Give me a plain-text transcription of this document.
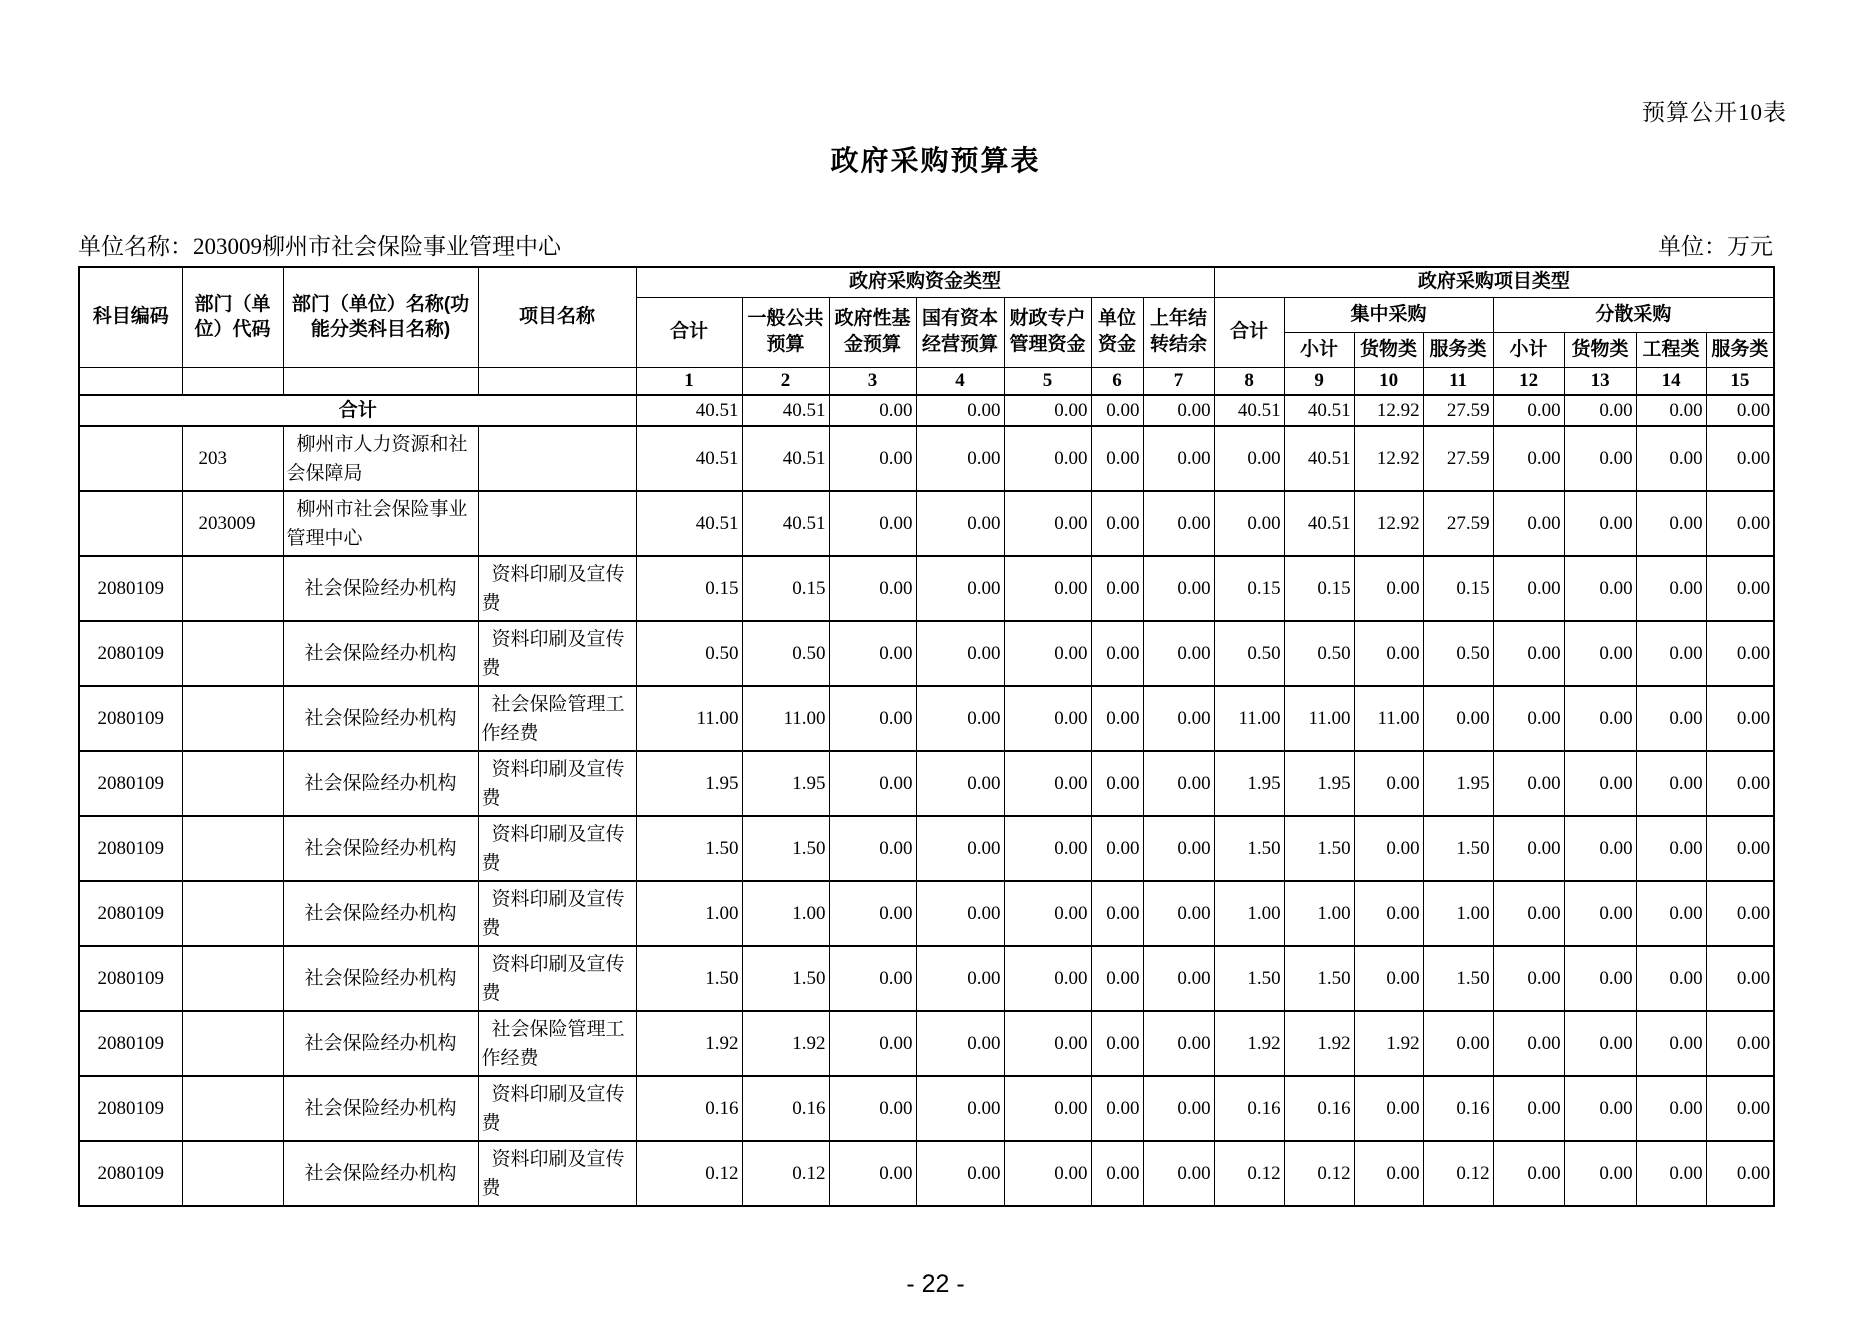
预算公开10表
政府采购预算表
单位名称：203009柳州市社会保险事业管理中心	单位：万元
科目编码	部门（单位）代码	部门（单位）名称(功能分类科目名称)	项目名称	政府采购资金类型							政府采购项目类型							
				合计	一般公共预算	政府性基金预算	国有资本经营预算	财政专户管理资金	单位资金	上年结转结余	合计	集中采购			分散采购			
												小计	货物类	服务类	小计	货物类	工程类	服务类
				1	2	3	4	5	6	7	8	9	10	11	12	13	14	15
合计				40.51	40.51	0.00	0.00	0.00	0.00	0.00	40.51	40.51	12.92	27.59	0.00	0.00	0.00	0.00
	203	柳州市人力资源和社会保障局		40.51	40.51	0.00	0.00	0.00	0.00	0.00	0.00	40.51	12.92	27.59	0.00	0.00	0.00	0.00
	203009	柳州市社会保险事业管理中心		40.51	40.51	0.00	0.00	0.00	0.00	0.00	0.00	40.51	12.92	27.59	0.00	0.00	0.00	0.00
2080109		社会保险经办机构	资料印刷及宣传费	0.15	0.15	0.00	0.00	0.00	0.00	0.00	0.15	0.15	0.00	0.15	0.00	0.00	0.00	0.00
2080109		社会保险经办机构	资料印刷及宣传费	0.50	0.50	0.00	0.00	0.00	0.00	0.00	0.50	0.50	0.00	0.50	0.00	0.00	0.00	0.00
2080109		社会保险经办机构	社会保险管理工作经费	11.00	11.00	0.00	0.00	0.00	0.00	0.00	11.00	11.00	11.00	0.00	0.00	0.00	0.00	0.00
2080109		社会保险经办机构	资料印刷及宣传费	1.95	1.95	0.00	0.00	0.00	0.00	0.00	1.95	1.95	0.00	1.95	0.00	0.00	0.00	0.00
2080109		社会保险经办机构	资料印刷及宣传费	1.50	1.50	0.00	0.00	0.00	0.00	0.00	1.50	1.50	0.00	1.50	0.00	0.00	0.00	0.00
2080109		社会保险经办机构	资料印刷及宣传费	1.00	1.00	0.00	0.00	0.00	0.00	0.00	1.00	1.00	0.00	1.00	0.00	0.00	0.00	0.00
2080109		社会保险经办机构	资料印刷及宣传费	1.50	1.50	0.00	0.00	0.00	0.00	0.00	1.50	1.50	0.00	1.50	0.00	0.00	0.00	0.00
2080109		社会保险经办机构	社会保险管理工作经费	1.92	1.92	0.00	0.00	0.00	0.00	0.00	1.92	1.92	1.92	0.00	0.00	0.00	0.00	0.00
2080109		社会保险经办机构	资料印刷及宣传费	0.16	0.16	0.00	0.00	0.00	0.00	0.00	0.16	0.16	0.00	0.16	0.00	0.00	0.00	0.00
2080109		社会保险经办机构	资料印刷及宣传费	0.12	0.12	0.00	0.00	0.00	0.00	0.00	0.12	0.12	0.00	0.12	0.00	0.00	0.00	0.00
- 22 -
